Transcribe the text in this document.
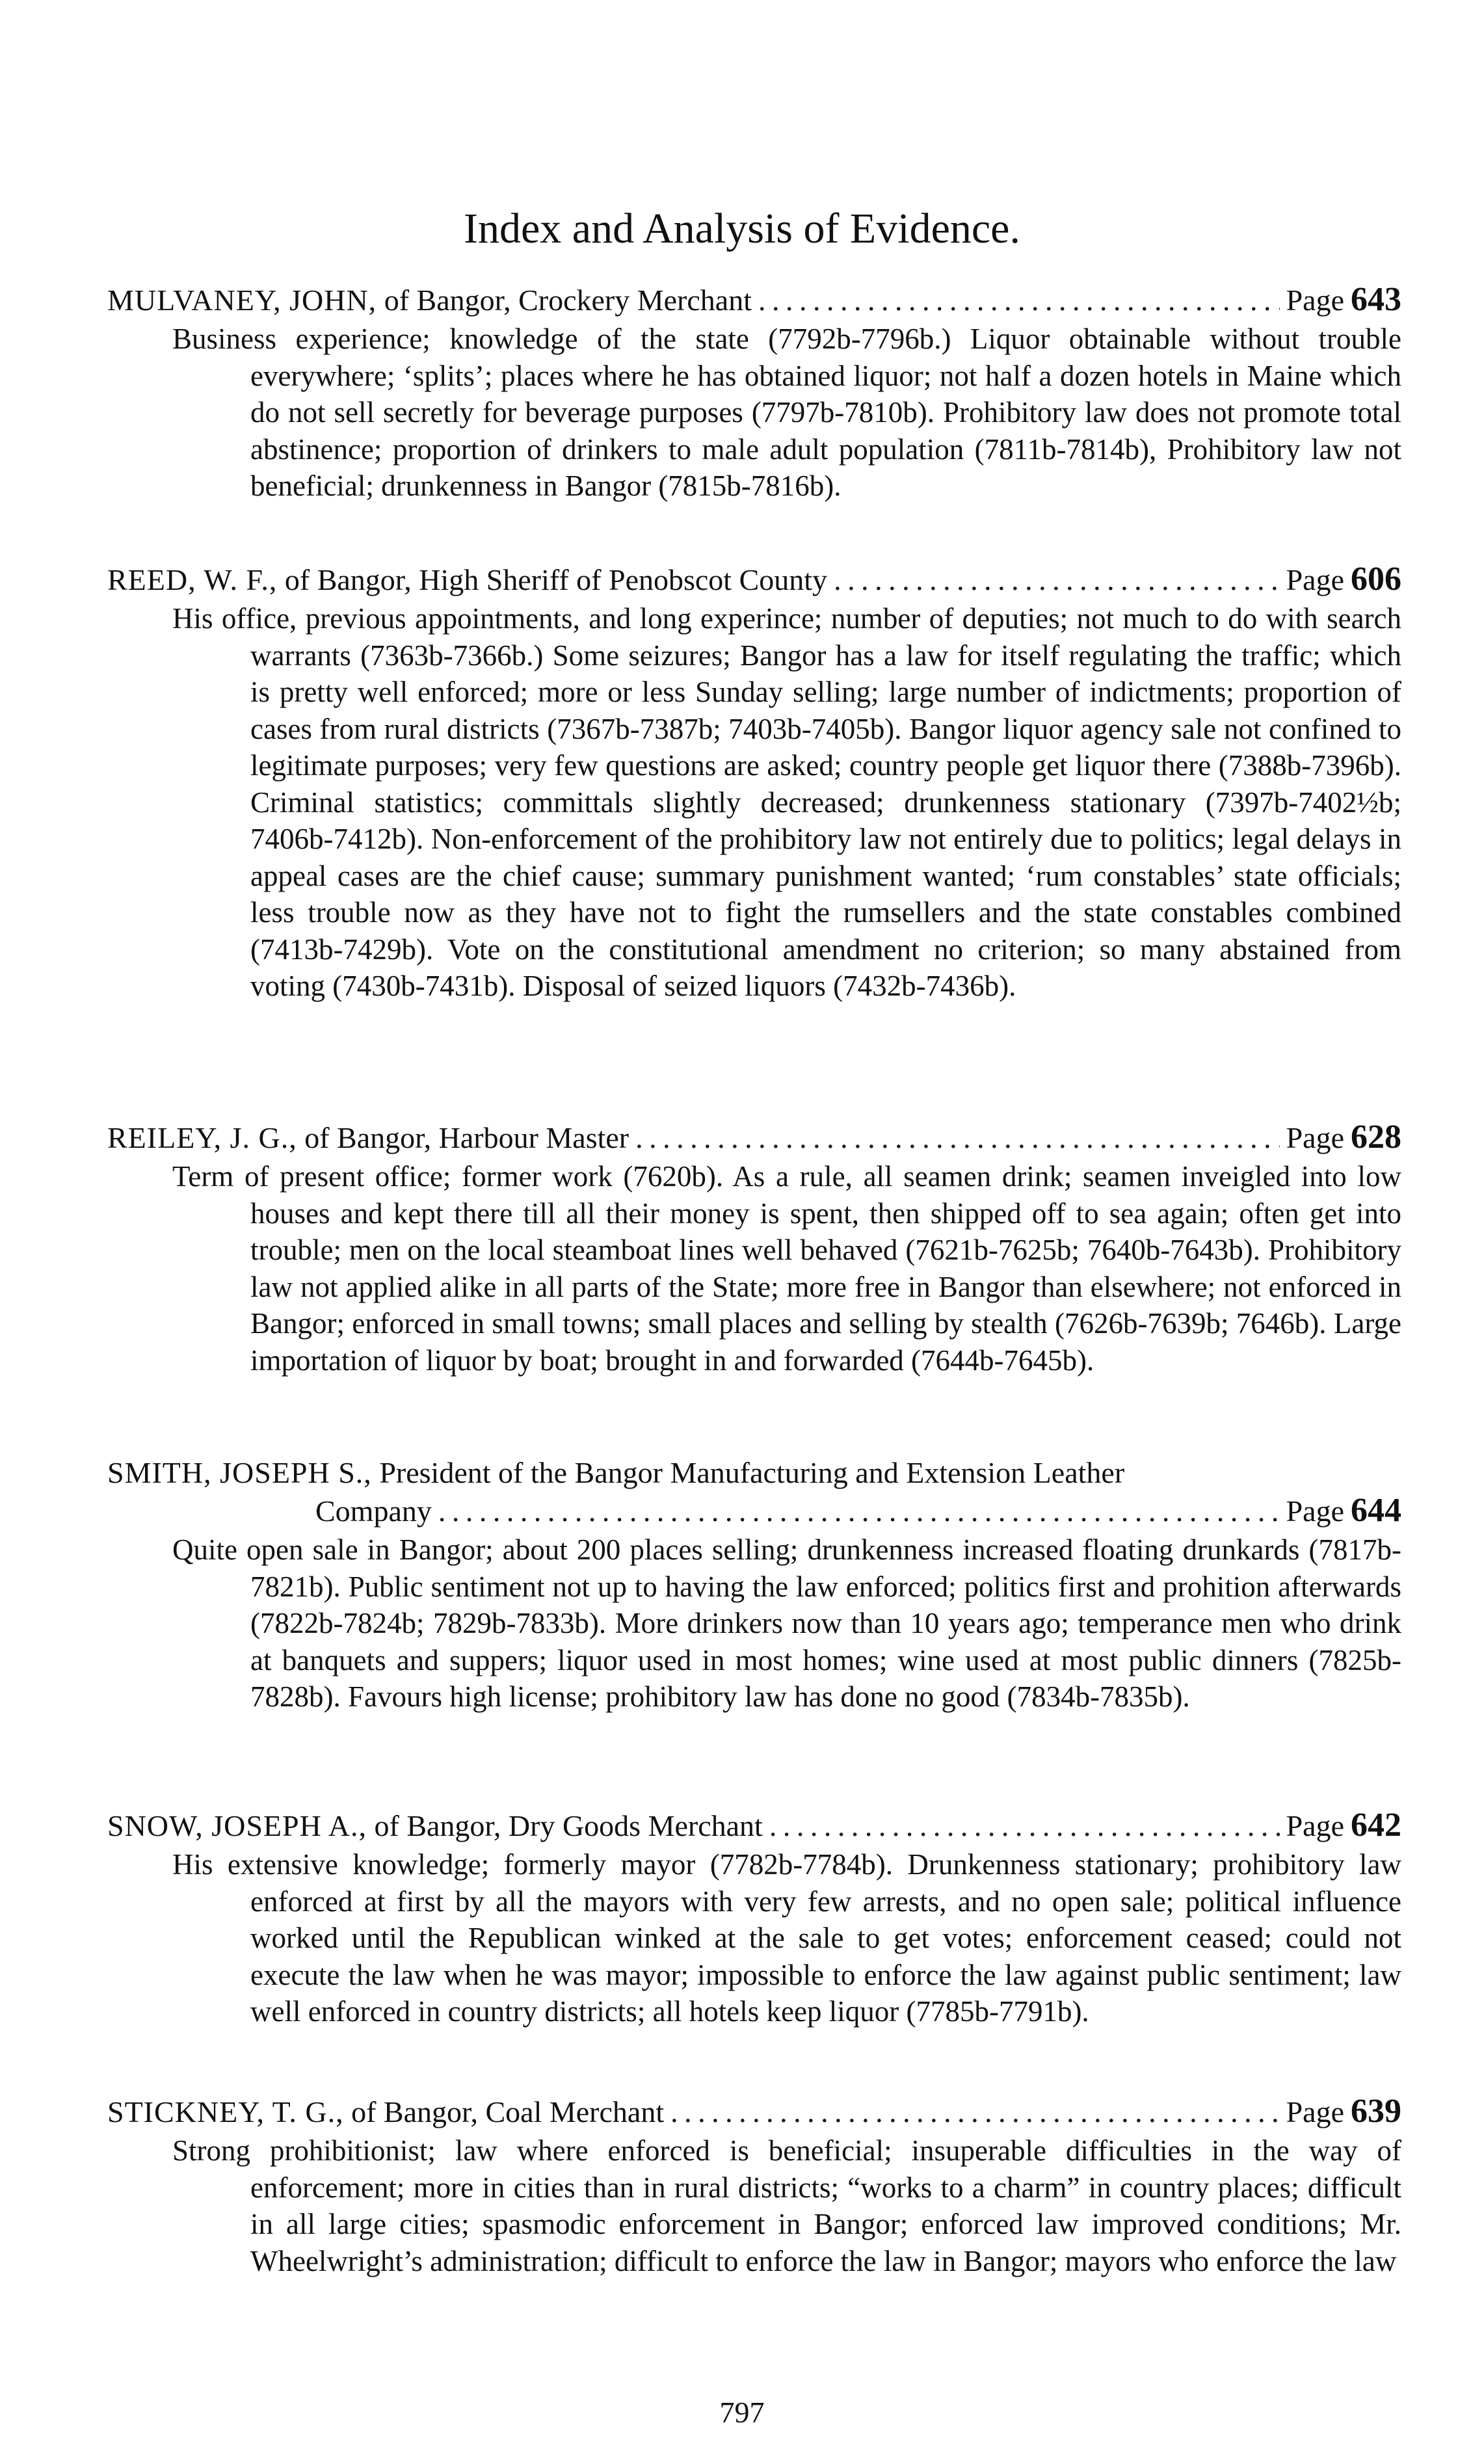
Index and Analysis of Evidence.
MULVANEY, JOHN,
of Bangor, Crockery Merchant . . .	Page 643
Business experience; knowledge of the state (7792b-7796b.) Liquor obtainable without trouble everywhere; ‘splits’; places where he has obtained liquor; not half a dozen hotels in Maine which do not sell secretly for beverage purposes (7797b-7810b). Prohibitory law does not promote total abstinence; proportion of drinkers to male adult population (7811b-7814b), Prohibitory law not beneficial; drunkenness in Bangor (7815b-7816b).
REED, W. F.,
of Bangor, High Sheriff of Penobscot County . . .	Page 606
His office, previous appointments, and long experince; number of deputies; not much to do with search warrants (7363b-7366b.) Some seizures; Bangor has a law for itself regulating the traffic; which is pretty well enforced; more or less Sunday selling; large number of indictments; proportion of cases from rural districts (7367b-7387b; 7403b-7405b). Bangor liquor agency sale not confined to legitimate purposes; very few questions are asked; country people get liquor there (7388b-7396b). Criminal statistics; committals slightly decreased; drunkenness stationary (7397b-7402½b; 7406b-7412b). Non-enforcement of the prohibitory law not entirely due to politics; legal delays in appeal cases are the chief cause; summary punishment wanted; ‘rum constables’ state officials; less trouble now as they have not to fight the rumsellers and the state constables combined (7413b-7429b). Vote on the constitutional amendment no criterion; so many abstained from voting (7430b-7431b). Disposal of seized liquors (7432b-7436b).
REILEY, J. G.,
of Bangor, Harbour Master . . .	Page 628
Term of present office; former work (7620b). As a rule, all seamen drink; seamen inveigled into low houses and kept there till all their money is spent, then shipped off to sea again; often get into trouble; men on the local steamboat lines well behaved (7621b-7625b; 7640b-7643b). Prohibitory law not applied alike in all parts of the State; more free in Bangor than elsewhere; not enforced in Bangor; enforced in small towns; small places and selling by stealth (7626b-7639b; 7646b). Large importation of liquor by boat; brought in and forwarded (7644b-7645b).
SMITH, JOSEPH S., President of the Bangor Manufacturing and Extension Leather
Company . . .	Page 644
Quite open sale in Bangor; about 200 places selling; drunkenness increased floating drunkards (7817b-7821b). Public sentiment not up to having the law enforced; politics first and prohition afterwards (7822b-7824b; 7829b-7833b). More drinkers now than 10 years ago; temperance men who drink at banquets and suppers; liquor used in most homes; wine used at most public dinners (7825b-7828b). Favours high license; prohibitory law has done no good (7834b-7835b).
SNOW, JOSEPH A.,
of Bangor, Dry Goods Merchant . . .	Page 642
His extensive knowledge; formerly mayor (7782b-7784b). Drunkenness stationary; prohibitory law enforced at first by all the mayors with very few arrests, and no open sale; political influence worked until the Republican winked at the sale to get votes; enforcement ceased; could not execute the law when he was mayor; impossible to enforce the law against public sentiment; law well enforced in country districts; all hotels keep liquor (7785b-7791b).
STICKNEY, T. G.,
of Bangor, Coal Merchant . . .	Page 639
Strong prohibitionist; law where enforced is beneficial; insuperable difficulties in the way of enforcement; more in cities than in rural districts; “works to a charm” in country places; difficult in all large cities; spasmodic enforcement in Bangor; enforced law improved conditions; Mr. Wheelwright’s administration; difficult to enforce the law in Bangor; mayors who enforce the law
797
